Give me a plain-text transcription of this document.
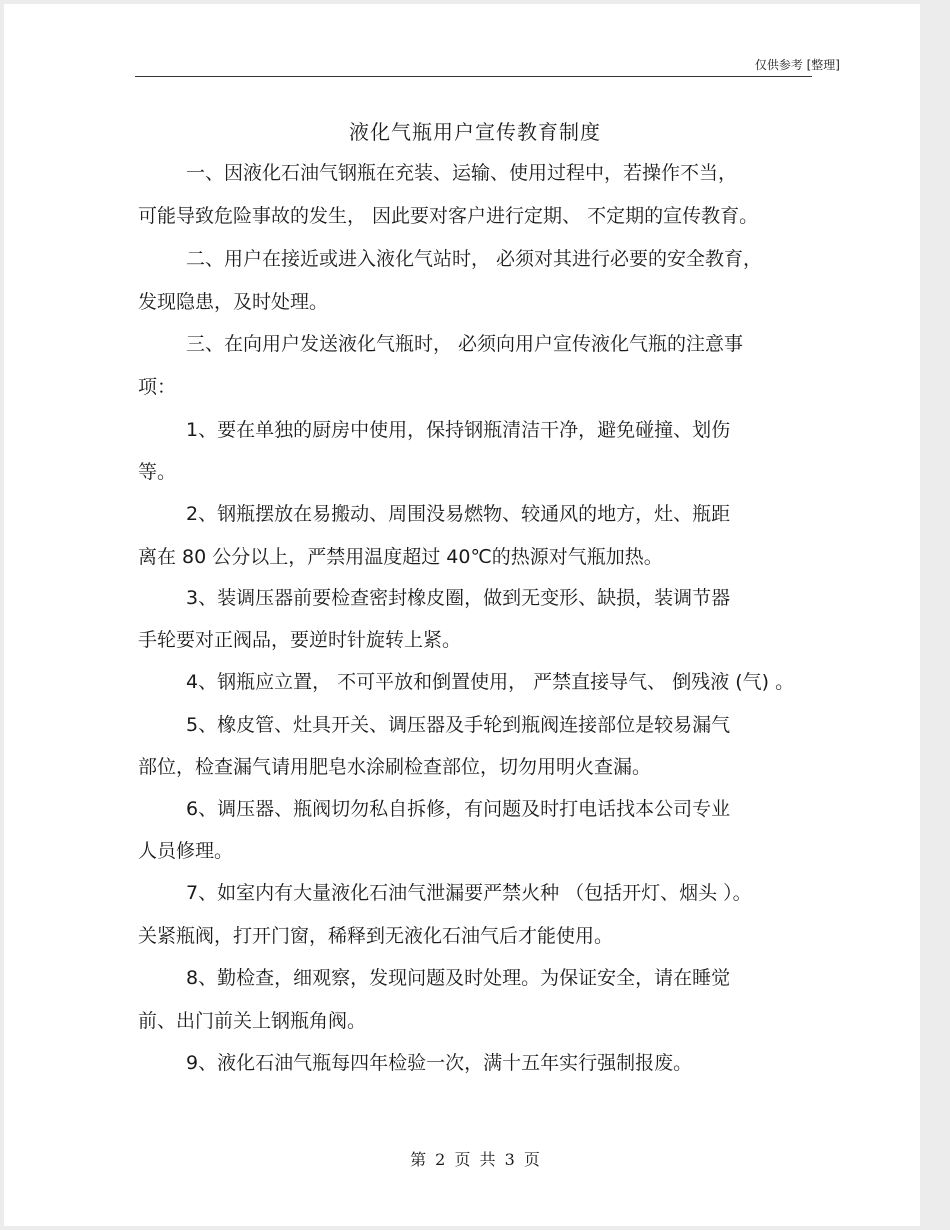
仅供参考 [整理]
液化气瓶用户宣传教育制度
一、因液化石油气钢瓶在充装、运输、使用过程中，若操作不当，
可能导致危险事故的发生， 因此要对客户进行定期、 不定期的宣传教育。
二、用户在接近或进入液化气站时， 必须对其进行必要的安全教育，
发现隐患，及时处理。
三、在向用户发送液化气瓶时， 必须向用户宣传液化气瓶的注意事
项：
1、要在单独的厨房中使用，保持钢瓶清洁干净，避免碰撞、划伤
等。
2、钢瓶摆放在易搬动、周围没易燃物、较通风的地方，灶、瓶距
离在 80 公分以上，严禁用温度超过 40℃的热源对气瓶加热。
3、装调压器前要检查密封橡皮圈，做到无变形、缺损，装调节器
手轮要对正阀品，要逆时针旋转上紧。
4、钢瓶应立置， 不可平放和倒置使用， 严禁直接导气、 倒残液 (气) 。
5、橡皮管、灶具开关、调压器及手轮到瓶阀连接部位是较易漏气
部位，检查漏气请用肥皂水涂刷检查部位，切勿用明火查漏。
6、调压器、瓶阀切勿私自拆修，有问题及时打电话找本公司专业
人员修理。
7、如室内有大量液化石油气泄漏要严禁火种 （包括开灯、烟头 ）。
关紧瓶阀，打开门窗，稀释到无液化石油气后才能使用。
8、勤检查，细观察，发现问题及时处理。为保证安全，请在睡觉
前、出门前关上钢瓶角阀。
9、液化石油气瓶每四年检验一次，满十五年实行强制报废。
第 2 页 共 3 页
